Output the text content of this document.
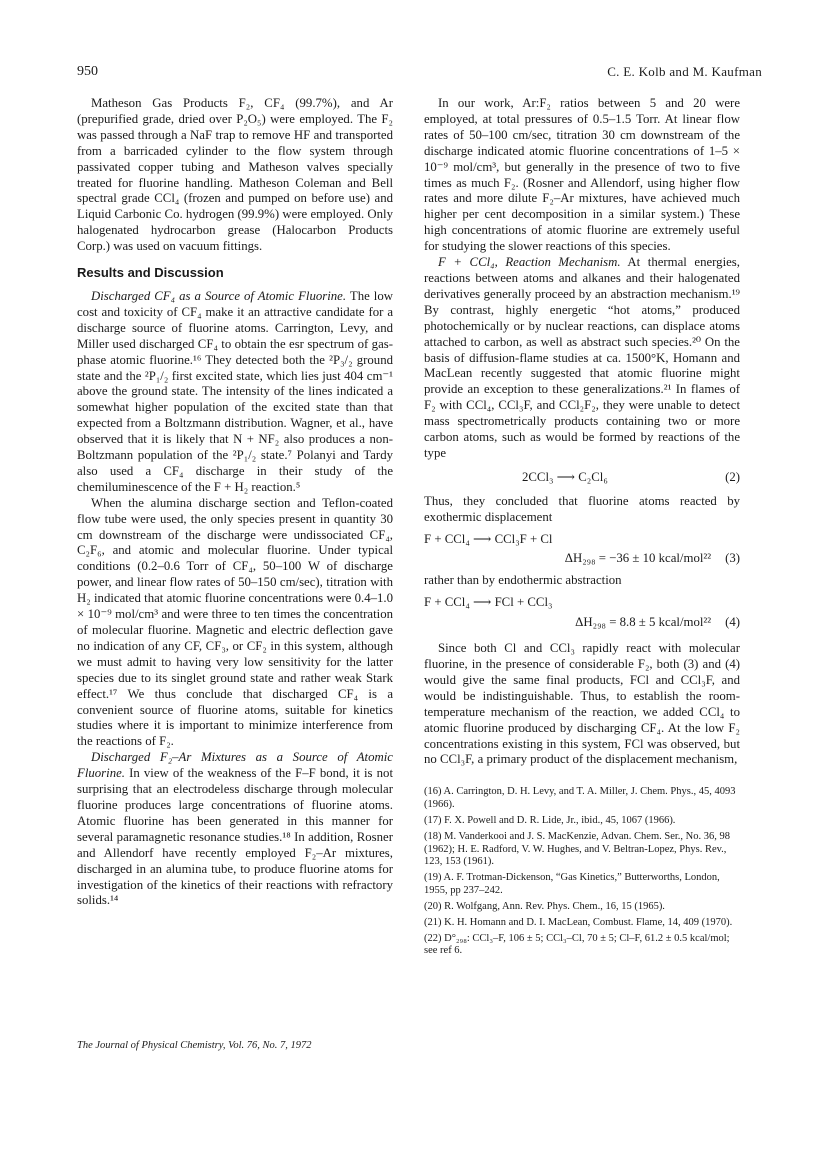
950	C. E. Kolb and M. Kaufman

Matheson Gas Products F₂, CF₄ (99.7%), and Ar (prepurified grade, dried over P₂O₅) were employed. The F₂ was passed through a NaF trap to remove HF and transported from a barricaded cylinder to the flow system through passivated copper tubing and Matheson valves specially treated for fluorine handling. Matheson Coleman and Bell spectral grade CCl₄ (frozen and pumped on before use) and Liquid Carbonic Co. hydrogen (99.9%) were employed. Only halogenated hydrocarbon grease (Halocarbon Products Corp.) was used on vacuum fittings.

Results and Discussion

Discharged CF₄ as a Source of Atomic Fluorine. The low cost and toxicity of CF₄ make it an attractive candidate for a discharge source of fluorine atoms. Carrington, Levy, and Miller used discharged CF₄ to obtain the esr spectrum of gas-phase atomic fluorine.¹⁶ They detected both the ²P₃/₂ ground state and the ²P₁/₂ first excited state, which lies just 404 cm⁻¹ above the ground state. The intensity of the lines indicated a somewhat higher population of the excited state than that expected from a Boltzmann distribution. Wagner, et al., have observed that it is likely that N + NF₂ also produces a non-Boltzmann population of the ²P₁/₂ state.⁷ Polanyi and Tardy also used a CF₄ discharge in their study of the chemiluminescence of the F + H₂ reaction.⁵

When the alumina discharge section and Teflon-coated flow tube were used, the only species present in quantity 30 cm downstream of the discharge were undissociated CF₄, C₂F₆, and atomic and molecular fluorine. Under typical conditions (0.2–0.6 Torr of CF₄, 50–100 W of discharge power, and linear flow rates of 50–150 cm/sec), titration with H₂ indicated that atomic fluorine concentrations were 0.4–1.0 × 10⁻⁹ mol/cm³ and were three to ten times the concentration of molecular fluorine. Magnetic and electric deflection gave no indication of any CF, CF₃, or CF₂ in this system, although we must admit to having very low sensitivity for the latter species due to its singlet ground state and rather weak Stark effect.¹⁷ We thus conclude that discharged CF₄ is a convenient source of fluorine atoms, suitable for kinetics studies where it is important to minimize interference from the reactions of F₂.

Discharged F₂–Ar Mixtures as a Source of Atomic Fluorine. In view of the weakness of the F–F bond, it is not surprising that an electrodeless discharge through molecular fluorine produces large concentrations of fluorine atoms. Atomic fluorine has been generated in this manner for several paramagnetic resonance studies.¹⁸ In addition, Rosner and Allendorf have recently employed F₂–Ar mixtures, discharged in an alumina tube, to produce fluorine atoms for investigation of the kinetics of their reactions with refractory solids.¹⁴

In our work, Ar:F₂ ratios between 5 and 20 were employed, at total pressures of 0.5–1.5 Torr. At linear flow rates of 50–100 cm/sec, titration 30 cm downstream of the discharge indicated atomic fluorine concentrations of 1–5 × 10⁻⁹ mol/cm³, but generally in the presence of two to five times as much F₂. (Rosner and Allendorf, using higher flow rates and more dilute F₂–Ar mixtures, have achieved much higher per cent decomposition in a similar system.) These high concentrations of atomic fluorine are extremely useful for studying the slower reactions of this species.

F + CCl₄, Reaction Mechanism. At thermal energies, reactions between atoms and alkanes and their halogenated derivatives generally proceed by an abstraction mechanism.¹⁹ By contrast, highly energetic “hot atoms,” produced photochemically or by nuclear reactions, can displace atoms attached to carbon, as well as abstract such species.²⁰ On the basis of diffusion-flame studies at ca. 1500°K, Homann and MacLean recently suggested that atomic fluorine might provide an exception to these generalizations.²¹ In flames of F₂ with CCl₄, CCl₃F, and CCl₂F₂, they were unable to detect mass spectrometrically products containing two or more carbon atoms, such as would be formed by reactions of the type

2CCl₃ ⟶ C₂Cl₆	(2)

Thus, they concluded that fluorine atoms reacted by exothermic displacement

F + CCl₄ ⟶ CCl₃F + Cl
ΔH₂₉₈ = −36 ± 10 kcal/mol²² (3)

rather than by endothermic abstraction

F + CCl₄ ⟶ FCl + CCl₃
ΔH₂₉₈ = 8.8 ± 5 kcal/mol²² (4)

Since both Cl and CCl₃ rapidly react with molecular fluorine, in the presence of considerable F₂, both (3) and (4) would give the same final products, FCl and CCl₃F, and would be indistinguishable. Thus, to establish the room-temperature mechanism of the reaction, we added CCl₄ to atomic fluorine produced by discharging CF₄. At the low F₂ concentrations existing in this system, FCl was observed, but no CCl₃F, a primary product of the displacement mechanism,

(16) A. Carrington, D. H. Levy, and T. A. Miller, J. Chem. Phys., 45, 4093 (1966).
(17) F. X. Powell and D. R. Lide, Jr., ibid., 45, 1067 (1966).
(18) M. Vanderkooi and J. S. MacKenzie, Advan. Chem. Ser., No. 36, 98 (1962); H. E. Radford, V. W. Hughes, and V. Beltran-Lopez, Phys. Rev., 123, 153 (1961).
(19) A. F. Trotman-Dickenson, “Gas Kinetics,” Butterworths, London, 1955, pp 237–242.
(20) R. Wolfgang, Ann. Rev. Phys. Chem., 16, 15 (1965).
(21) K. H. Homann and D. I. MacLean, Combust. Flame, 14, 409 (1970).
(22) D°₂₉₈: CCl₃–F, 106 ± 5; CCl₃–Cl, 70 ± 5; Cl–F, 61.2 ± 0.5 kcal/mol; see ref 6.
The Journal of Physical Chemistry, Vol. 76, No. 7, 1972
